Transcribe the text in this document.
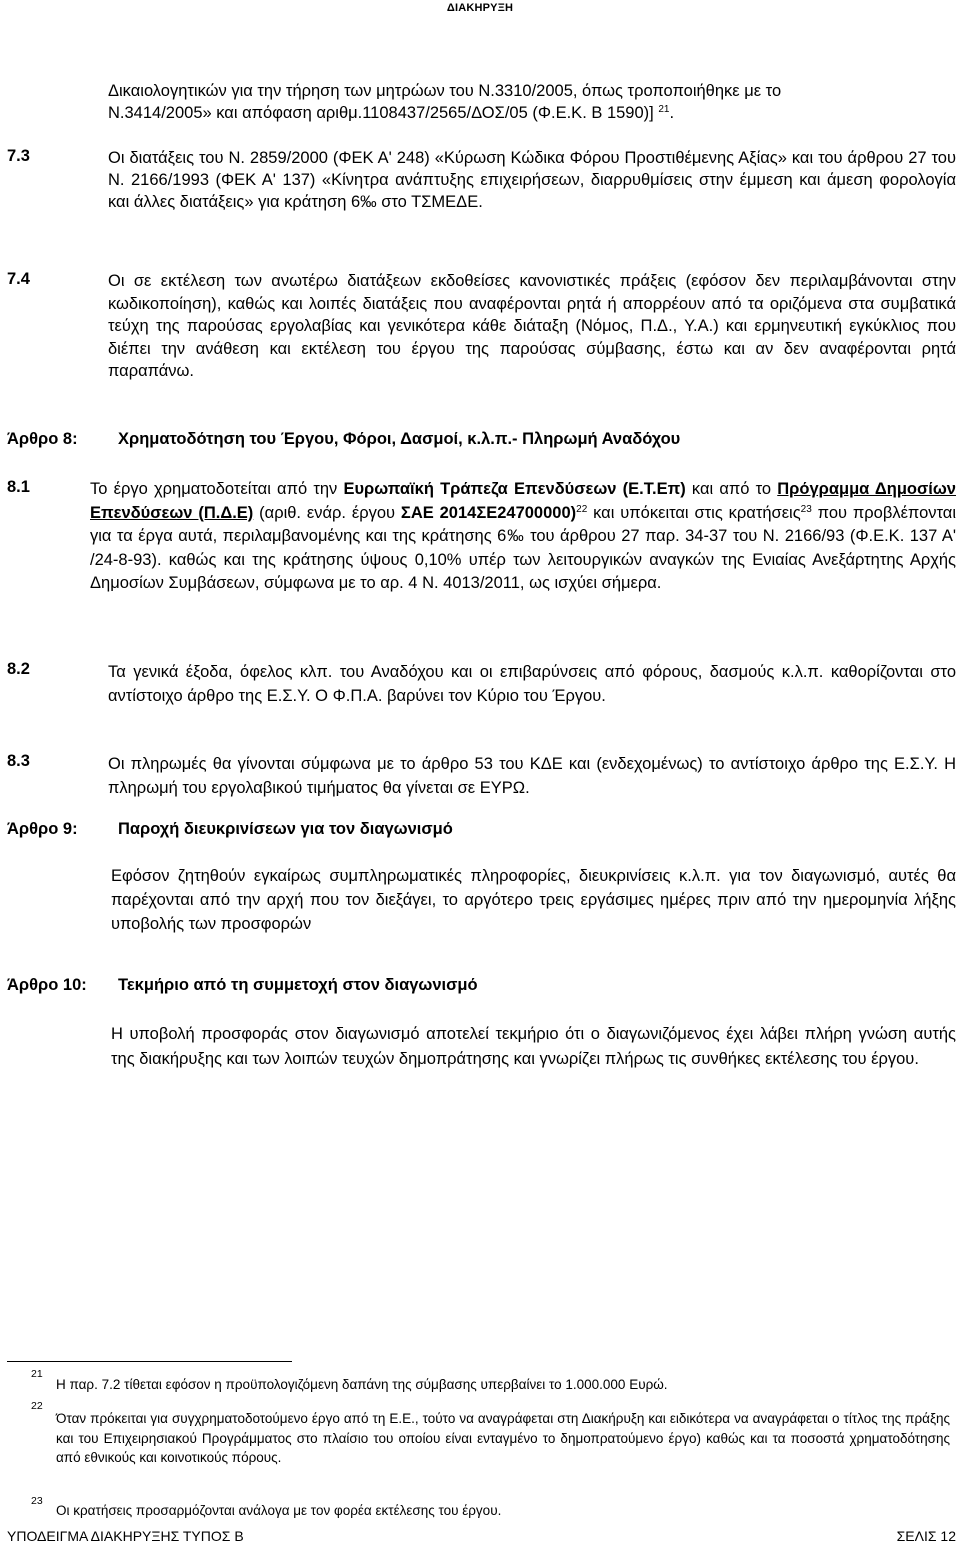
ΔΙΑΚΗΡΥΞΗ
Δικαιολογητικών για την τήρηση των μητρώων του Ν.3310/2005, όπως τροποποιήθηκε με το
Ν.3414/2005» και απόφαση αριθμ.1108437/2565/ΔΟΣ/05 (Φ.Ε.Κ. Β 1590)] $^{21}$.
7.3	Οι διατάξεις του Ν. 2859/2000 (ΦΕΚ Α' 248) «Κύρωση Κώδικα Φόρου Προστιθέμενης Αξίας» και του άρθρου 27 του Ν. 2166/1993 (ΦΕΚ Α' 137) «Κίνητρα ανάπτυξης επιχειρήσεων, διαρρυθμίσεις στην έμμεση και άμεση φορολογία και άλλες διατάξεις» για κράτηση 6‰ στο ΤΣΜΕΔΕ.
7.4	Οι σε εκτέλεση των ανωτέρω διατάξεων εκδοθείσες κανονιστικές πράξεις (εφόσον δεν περιλαμβάνονται στην κωδικοποίηση), καθώς και λοιπές διατάξεις που αναφέρονται ρητά ή απορρέουν από τα οριζόμενα στα συμβατικά τεύχη της παρούσας εργολαβίας και γενικότερα κάθε διάταξη (Νόμος, Π.Δ., Υ.Α.) και ερμηνευτική εγκύκλιος που διέπει την ανάθεση και εκτέλεση του έργου της παρούσας σύμβασης, έστω και αν δεν αναφέρονται ρητά παραπάνω.
Άρθρο 8: Χρηματοδότηση του Έργου, Φόροι, Δασμοί, κ.λ.π.- Πληρωμή Αναδόχου
8.1	Το έργο χρηματοδοτείται από την Ευρωπαϊκή Τράπεζα Επενδύσεων (Ε.Τ.Επ) και από το Πρόγραμμα Δημοσίων Επενδύσεων (Π.Δ.Ε) (αριθ. ενάρ. έργου ΣΑΕ 2014ΣΕ24700000)$^{22}$ και υπόκειται στις κρατήσεις$^{23}$ που προβλέπονται για τα έργα αυτά, περιλαμβανομένης και της κράτησης 6‰ του άρθρου 27 παρ. 34-37 του Ν. 2166/93 (Φ.Ε.Κ. 137 Α' /24-8-93). καθώς και της κράτησης ύψους 0,10% υπέρ των λειτουργικών αναγκών της Ενιαίας Ανεξάρτητης Αρχής Δημοσίων Συμβάσεων, σύμφωνα με το αρ. 4 Ν. 4013/2011, ως ισχύει σήμερα.
8.2	Τα γενικά έξοδα, όφελος κλπ. του Αναδόχου και οι επιβαρύνσεις από φόρους, δασμούς κ.λ.π. καθορίζονται στο αντίστοιχο άρθρο της Ε.Σ.Υ. Ο Φ.Π.Α. βαρύνει τον Κύριο του Έργου.
8.3	Οι πληρωμές θα γίνονται σύμφωνα με το άρθρο 53 του ΚΔΕ και (ενδεχομένως) το αντίστοιχο άρθρο της Ε.Σ.Υ. Η πληρωμή του εργολαβικού τιμήματος θα γίνεται σε ΕΥΡΩ.
Άρθρο 9: Παροχή διευκρινίσεων για τον διαγωνισμό
Εφόσον ζητηθούν εγκαίρως συμπληρωματικές πληροφορίες, διευκρινίσεις κ.λ.π. για τον διαγωνισμό, αυτές θα παρέχονται από την αρχή που τον διεξάγει, το αργότερο τρεις εργάσιμες ημέρες πριν από την ημερομηνία λήξης υποβολής των προσφορών
Άρθρο 10: Τεκμήριο από τη συμμετοχή στον διαγωνισμό
Η υποβολή προσφοράς στον διαγωνισμό αποτελεί τεκμήριο ότι ο διαγωνιζόμενος έχει λάβει πλήρη γνώση αυτής της διακήρυξης και των λοιπών τευχών δημοπράτησης και γνωρίζει πλήρως τις συνθήκες εκτέλεσης του έργου.
21
Η παρ. 7.2 τίθεται εφόσον η προϋπολογιζόμενη δαπάνη της σύμβασης υπερβαίνει το 1.000.000 Ευρώ.
22
Όταν πρόκειται για συγχρηματοδοτούμενο έργο από τη Ε.Ε., τούτο να αναγράφεται στη Διακήρυξη και ειδικότερα να αναγράφεται ο τίτλος της πράξης και του Επιχειρησιακού Προγράμματος στο πλαίσιο του οποίου είναι ενταγμένο το δημοπρατούμενο έργο) καθώς και τα ποσοστά χρηματοδότησης από εθνικούς και κοινοτικούς πόρους.
23
Οι κρατήσεις προσαρμόζονται ανάλογα με τον φορέα εκτέλεσης του έργου.
ΥΠΟΔΕΙΓΜΑ ΔΙΑΚΗΡΥΞΗΣ ΤΥΠΟΣ Β	ΣΕΛΙΣ 12
